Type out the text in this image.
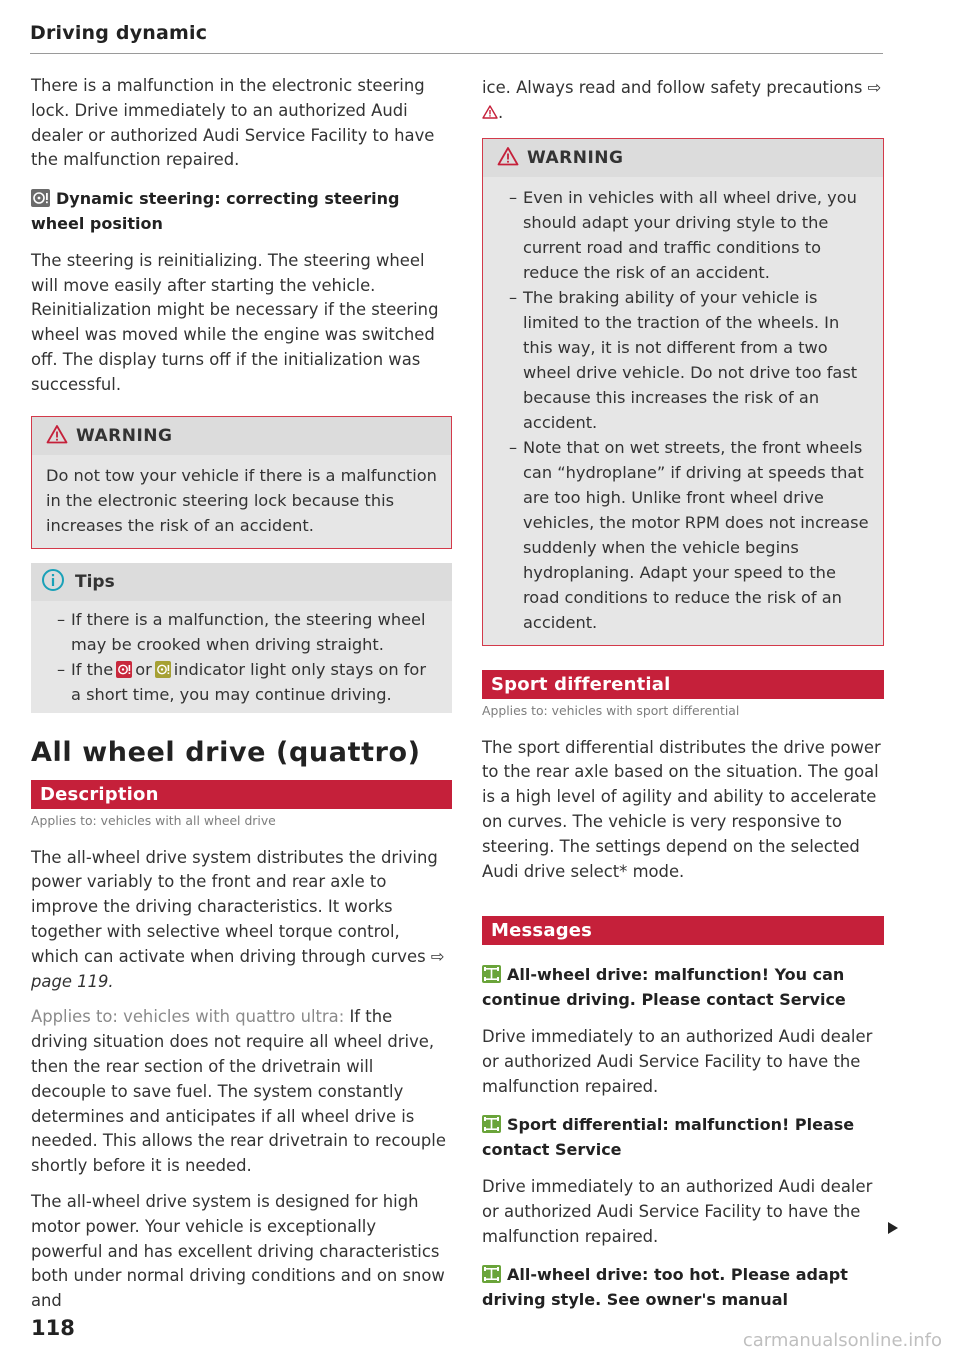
Driving dynamic

There is a malfunction in the electronic steering lock. Drive immediately to an authorized Audi dealer or authorized Audi Service Facility to have the malfunction repaired.

Dynamic steering: correcting steering wheel position

The steering is reinitializing. The steering wheel will move easily after starting the vehicle. Reinitialization might be necessary if the steering wheel was moved while the engine was switched off. The display turns off if the initialization was successful.

WARNING

Do not tow your vehicle if there is a malfunction in the electronic steering lock because this increases the risk of an accident.

Tips
– If there is a malfunction, the steering wheel may be crooked when driving straight.
– If the or indicator light only stays on for a short time, you may continue driving.
All wheel drive (quattro)
Description
Applies to: vehicles with all wheel drive

The all-wheel drive system distributes the driving power variably to the front and rear axle to improve the driving characteristics. It works together with selective wheel torque control, which can activate when driving through curves ⇨ page 119.

Applies to: vehicles with quattro ultra: If the driving situation does not require all wheel drive, then the rear section of the drivetrain will decouple to save fuel. The system constantly determines and anticipates if all wheel drive is needed. This allows the rear drivetrain to recouple shortly before it is needed.

The all-wheel drive system is designed for high motor power. Your vehicle is exceptionally powerful and has excellent driving characteristics both under normal driving conditions and on snow and

ice. Always read and follow safety precautions ⇨ .

WARNING
– Even in vehicles with all wheel drive, you should adapt your driving style to the current road and traffic conditions to reduce the risk of an accident.
– The braking ability of your vehicle is limited to the traction of the wheels. In this way, it is not different from a two wheel drive vehicle. Do not drive too fast because this increases the risk of an accident.
– Note that on wet streets, the front wheels can “hydroplane” if driving at speeds that are too high. Unlike front wheel drive vehicles, the motor RPM does not increase suddenly when the vehicle begins hydroplaning. Adapt your speed to the road conditions to reduce the risk of an accident.
Sport differential
Applies to: vehicles with sport differential

The sport differential distributes the drive power to the rear axle based on the situation. The goal is a high level of agility and ability to accelerate on curves. The vehicle is very responsive to steering. The settings depend on the selected Audi drive select* mode.

Messages
All-wheel drive: malfunction! You can continue driving. Please contact Service

Drive immediately to an authorized Audi dealer or authorized Audi Service Facility to have the malfunction repaired.

Sport differential: malfunction! Please contact Service

Drive immediately to an authorized Audi dealer or authorized Audi Service Facility to have the malfunction repaired.

All-wheel drive: too hot. Please adapt driving style. See owner's manual
118
carmanualsonline.info
